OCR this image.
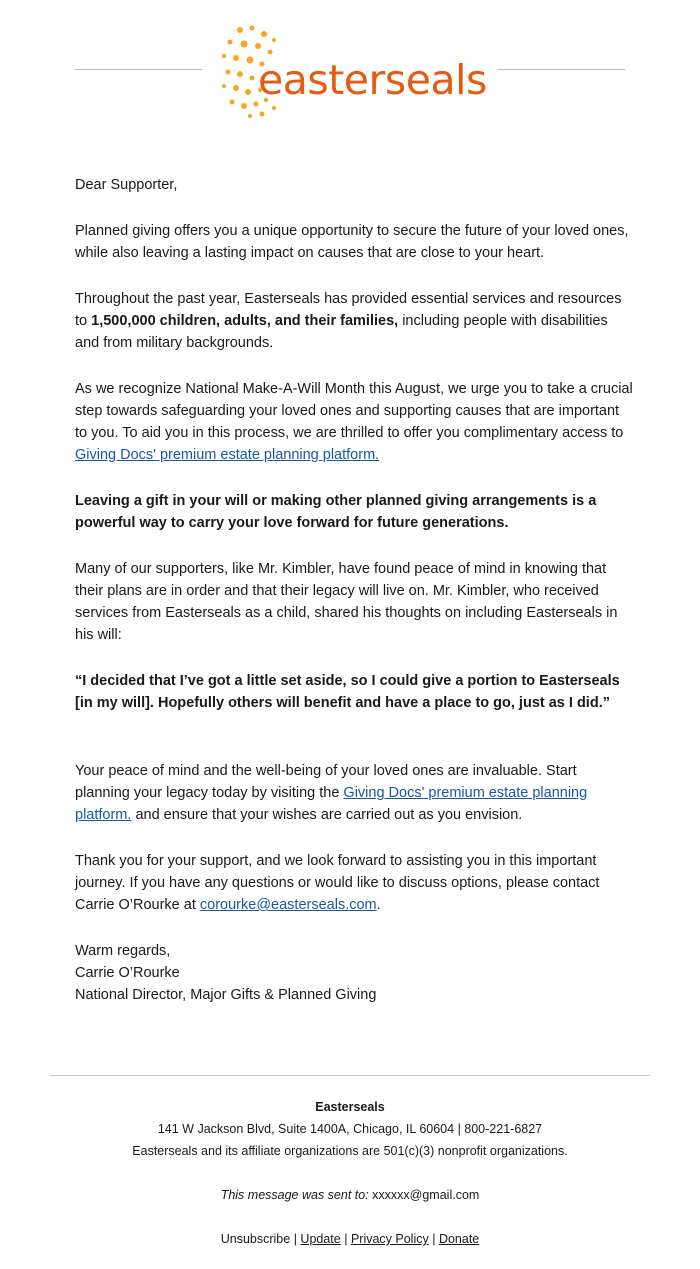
easterseals

Dear Supporter,

Planned giving offers you a unique opportunity to secure the future of your loved ones, while also leaving a lasting impact on causes that are close to your heart.

Throughout the past year, Easterseals has provided essential services and resources to 1,500,000 children, adults, and their families, including people with disabilities and from military backgrounds.

As we recognize National Make-A-Will Month this August, we urge you to take a crucial step towards safeguarding your loved ones and supporting causes that are important to you. To aid you in this process, we are thrilled to offer you complimentary access to Giving Docs' premium estate planning platform.

Leaving a gift in your will or making other planned giving arrangements is a powerful way to carry your love forward for future generations.

Many of our supporters, like Mr. Kimbler, have found peace of mind in knowing that their plans are in order and that their legacy will live on. Mr. Kimbler, who received services from Easterseals as a child, shared his thoughts on including Easterseals in his will:

“I decided that I’ve got a little set aside, so I could give a portion to Easterseals [in my will]. Hopefully others will benefit and have a place to go, just as I did.”

Your peace of mind and the well-being of your loved ones are invaluable. Start planning your legacy today by visiting the Giving Docs' premium estate planning platform. and ensure that your wishes are carried out as you envision.

Thank you for your support, and we look forward to assisting you in this important journey. If you have any questions or would like to discuss options, please contact Carrie O’Rourke at corourke@easterseals.com.

Warm regards,

Carrie O’Rourke

National Director, Major Gifts & Planned Giving

Easterseals
141 W Jackson Blvd, Suite 1400A, Chicago, IL 60604 | 800-221-6827
Easterseals and its affiliate organizations are 501(c)(3) nonprofit organizations.
This message was sent to: xxxxxx@gmail.com
Unsubscribe | Update | Privacy Policy | Donate
